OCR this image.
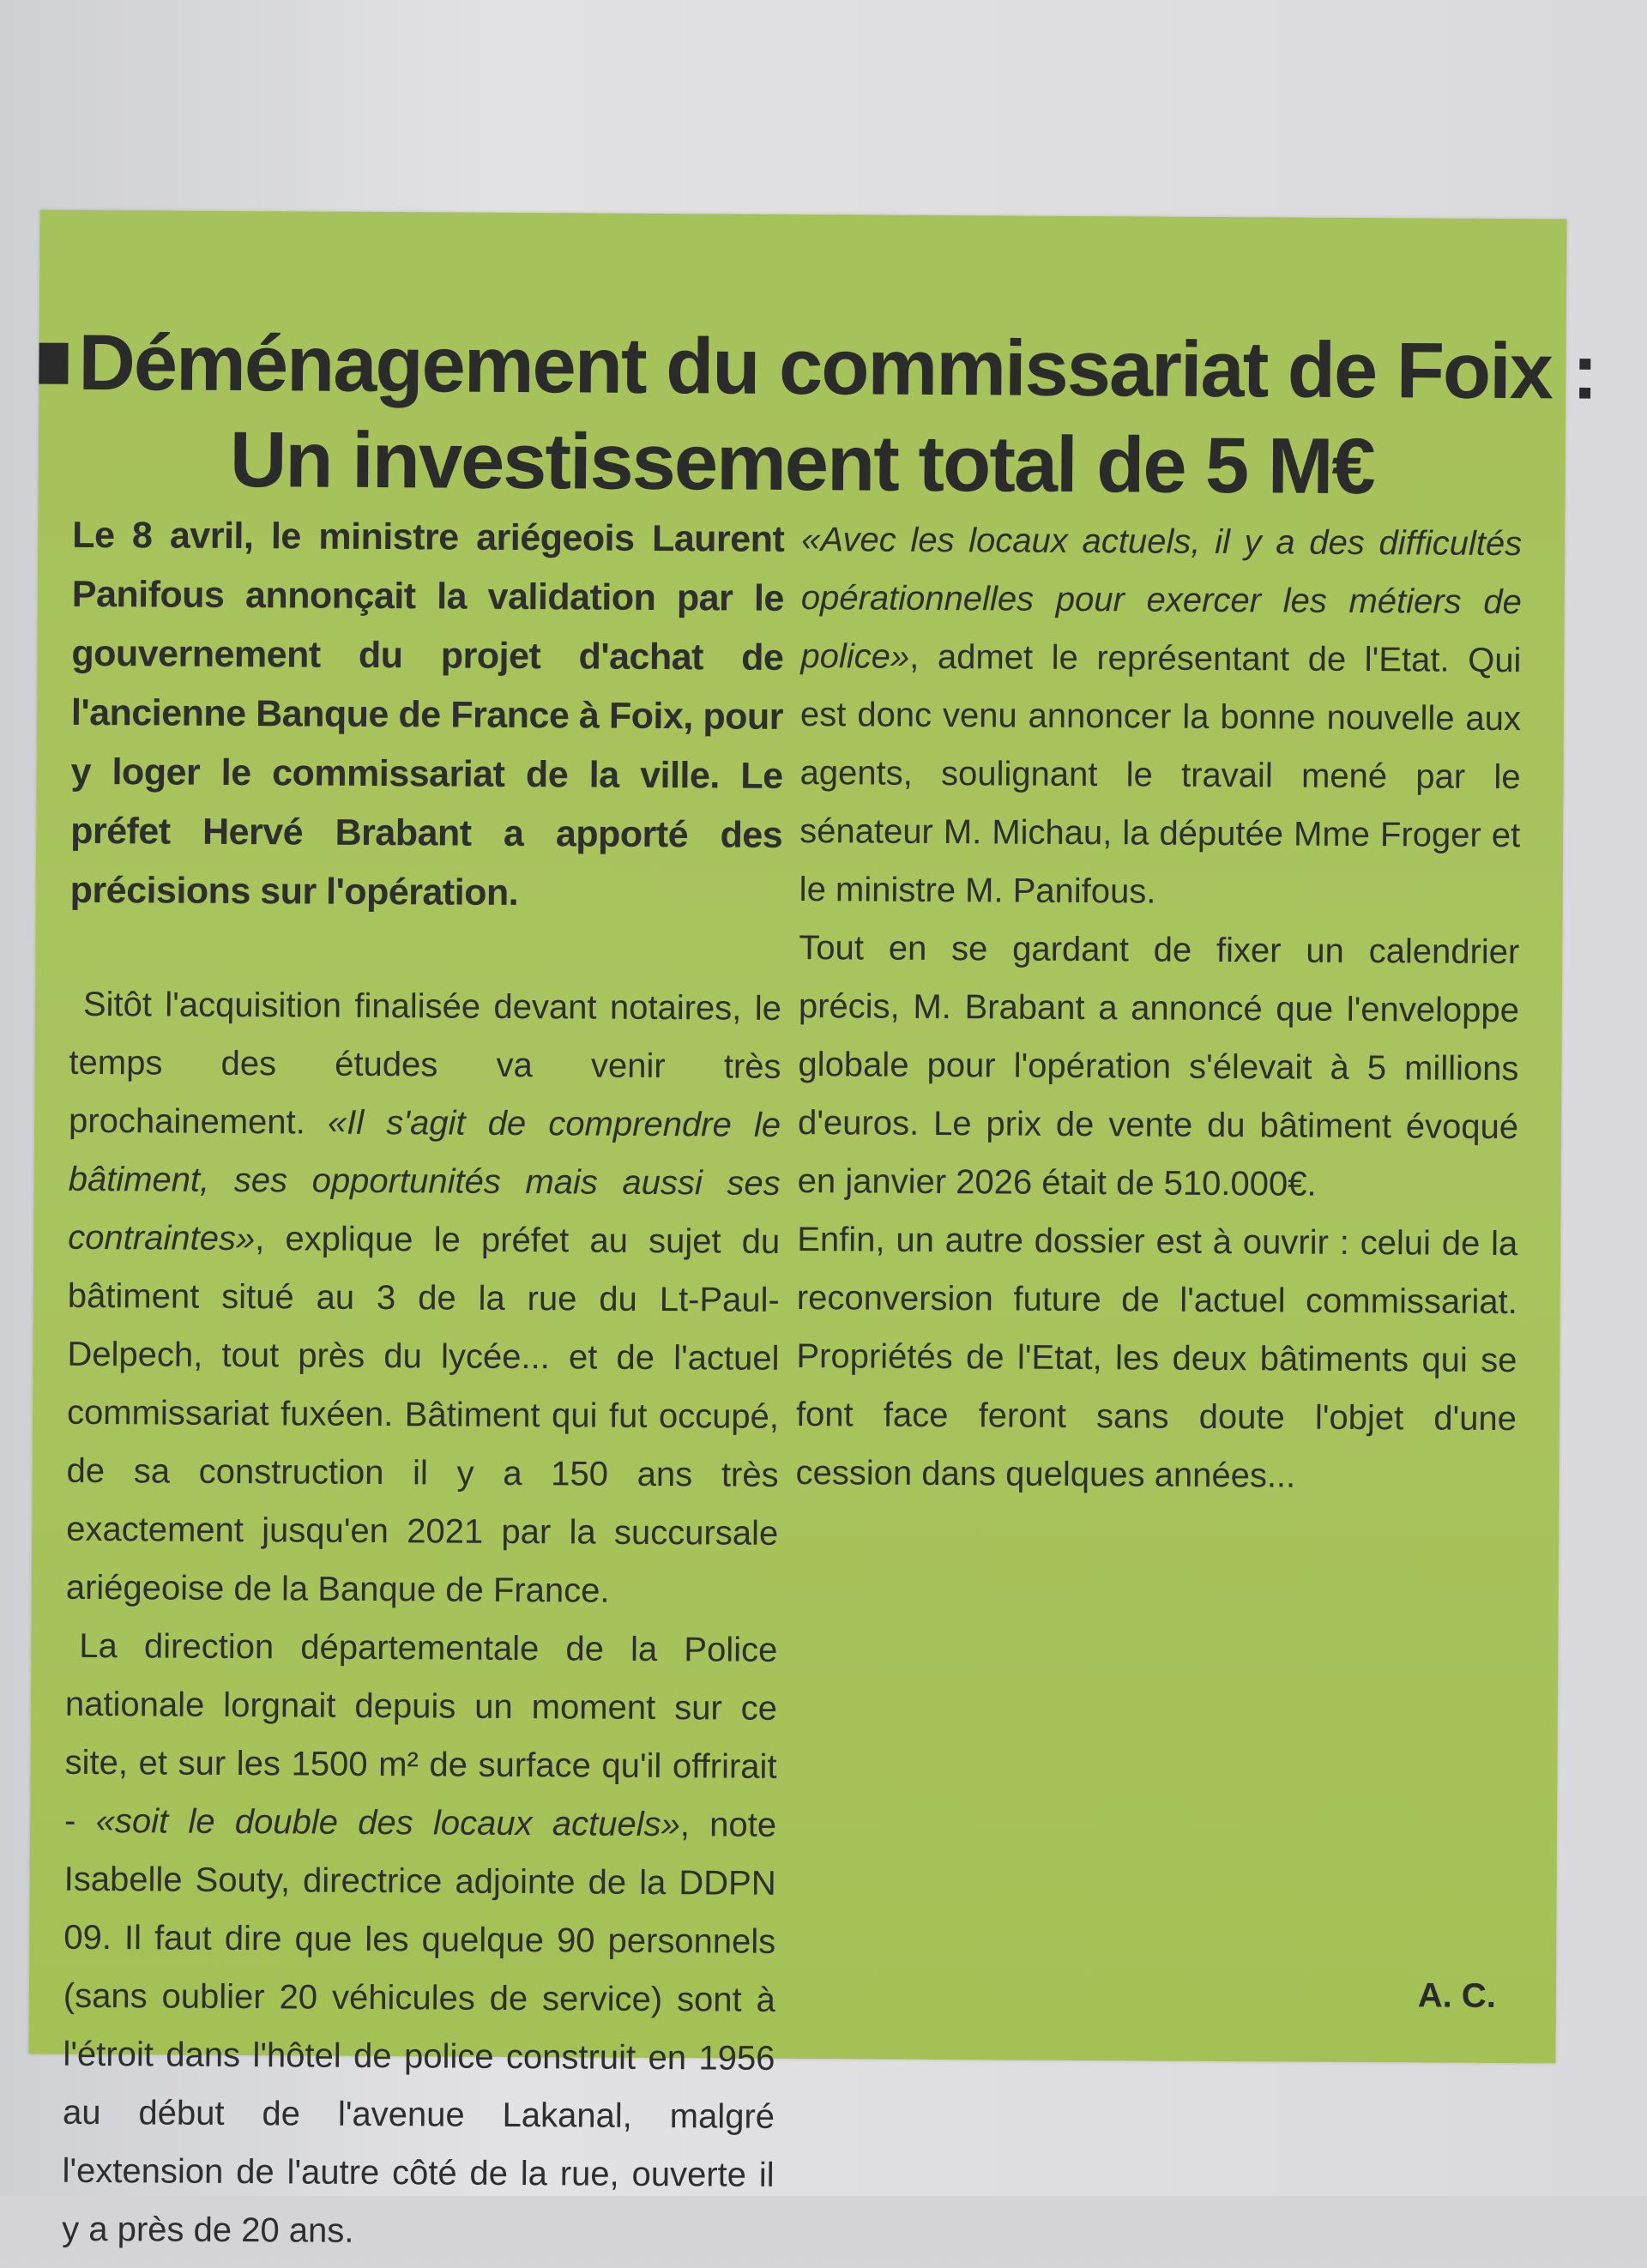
Déménagement du commissariat de Foix :
Un investissement total de 5 M€

Le 8 avril, le ministre ariégeois Laurent Panifous annonçait la validation par le gouvernement du projet d'achat de l'ancienne Banque de France à Foix, pour y loger le commissariat de la ville. Le préfet Hervé Brabant a apporté des précisions sur l'opération.

Sitôt l'acquisition finalisée devant notaires, le temps des études va venir très prochainement. «Il s'agit de comprendre le bâtiment, ses opportunités mais aussi ses contraintes», explique le préfet au sujet du bâtiment situé au 3 de la rue du Lt-Paul-Delpech, tout près du lycée... et de l'actuel commissariat fuxéen. Bâtiment qui fut occupé, de sa construction il y a 150 ans très exactement jusqu'en 2021 par la succursale ariégeoise de la Banque de France.

La direction départementale de la Police nationale lorgnait depuis un moment sur ce site, et sur les 1500 m² de surface qu'il offrirait - «soit le double des locaux actuels», note Isabelle Souty, directrice adjointe de la DDPN 09. Il faut dire que les quelque 90 personnels (sans oublier 20 véhicules de service) sont à l'étroit dans l'hôtel de police construit en 1956 au début de l'avenue Lakanal, malgré l'extension de l'autre côté de la rue, ouverte il y a près de 20 ans.

«Avec les locaux actuels, il y a des difficultés opérationnelles pour exercer les métiers de police», admet le représentant de l'Etat. Qui est donc venu annoncer la bonne nouvelle aux agents, soulignant le travail mené par le sénateur M. Michau, la députée Mme Froger et le ministre M. Panifous.

Tout en se gardant de fixer un calendrier précis, M. Brabant a annoncé que l'enveloppe globale pour l'opération s'élevait à 5 millions d'euros. Le prix de vente du bâtiment évoqué en janvier 2026 était de 510.000€.

Enfin, un autre dossier est à ouvrir : celui de la reconversion future de l'actuel commissariat. Propriétés de l'Etat, les deux bâtiments qui se font face feront sans doute l'objet d'une cession dans quelques années...

A. C.
